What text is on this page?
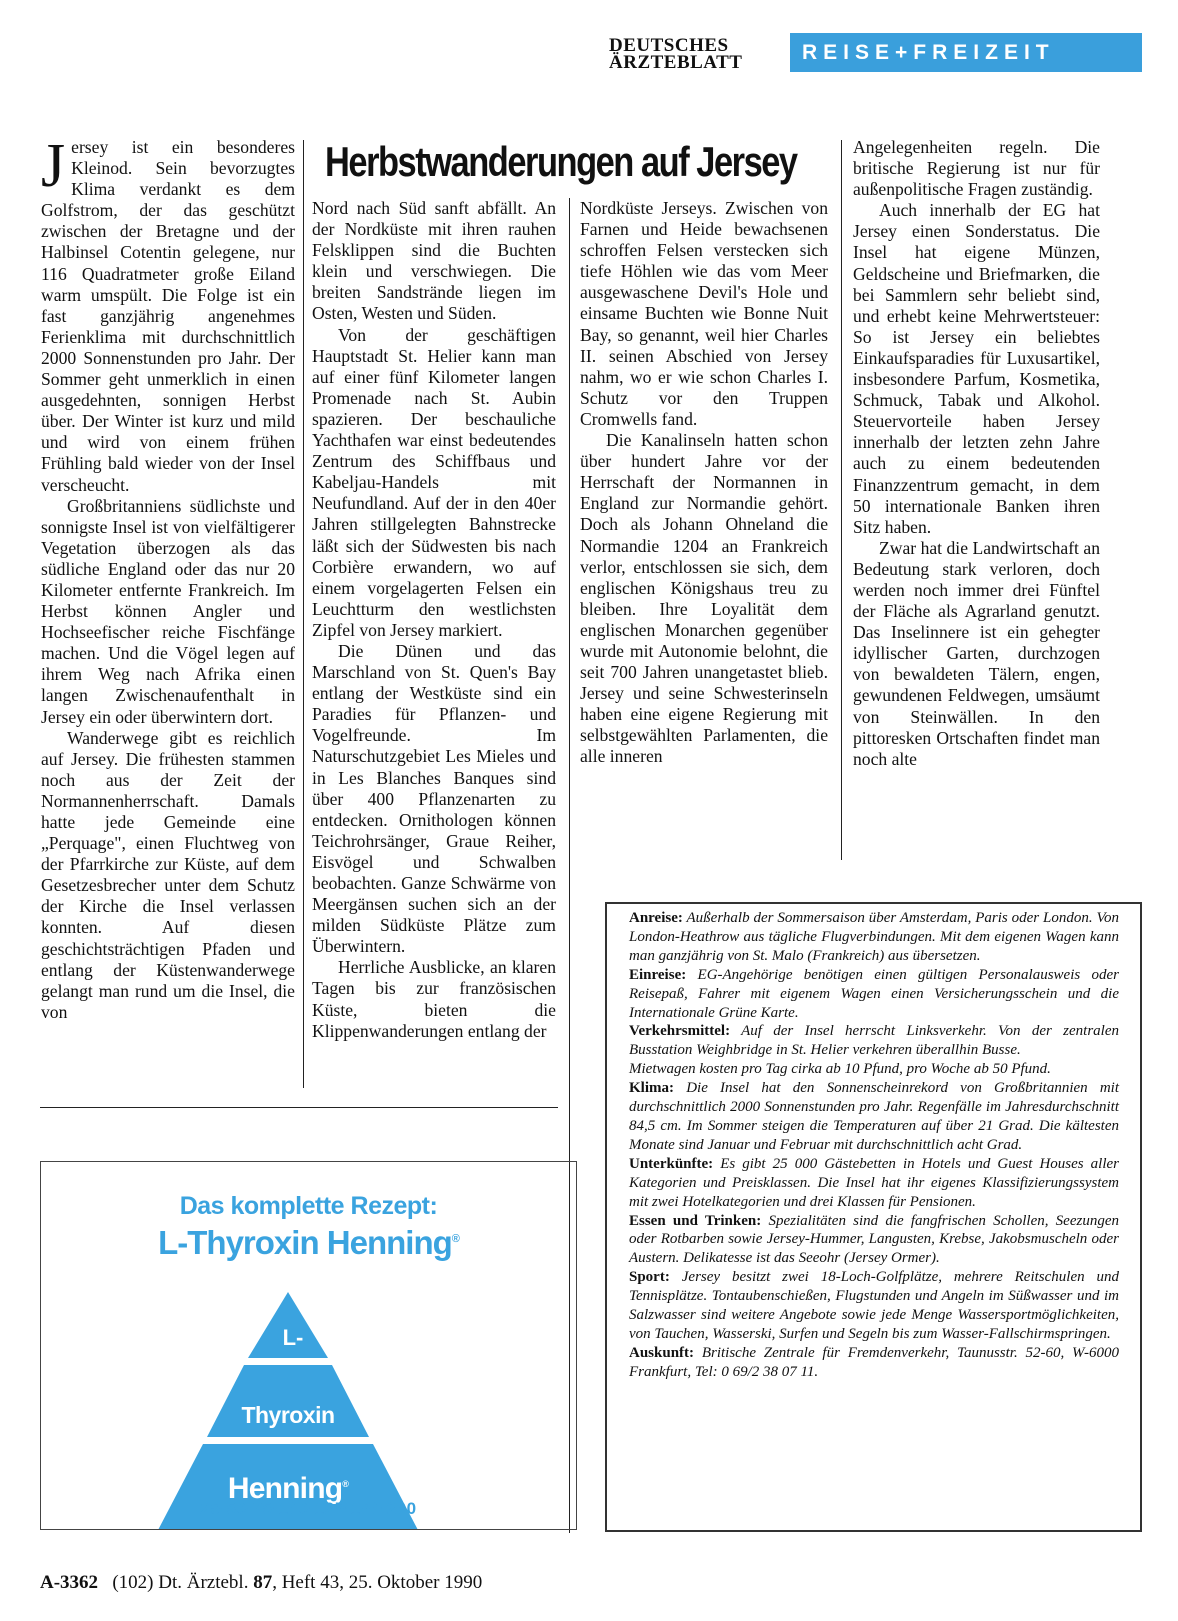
DEUTSCHES
ÄRZTEBLATT	REISE+FREIZEIT
Herbstwanderungen auf Jersey

Jersey ist ein besonderes Kleinod. Sein bevorzugtes Klima verdankt es dem Golfstrom, der das geschützt zwischen der Bretagne und der Halbinsel Cotentin gelegene, nur 116 Quadratmeter große Eiland warm umspült. Die Folge ist ein fast ganzjährig angenehmes Ferienklima mit durchschnittlich 2000 Sonnenstunden pro Jahr. Der Sommer geht unmerklich in einen ausgedehnten, sonnigen Herbst über. Der Winter ist kurz und mild und wird von einem frühen Frühling bald wieder von der Insel verscheucht.

Großbritanniens südlichste und sonnigste Insel ist von vielfältigerer Vegetation überzogen als das südliche England oder das nur 20 Kilometer entfernte Frankreich. Im Herbst können Angler und Hochseefischer reiche Fischfänge machen. Und die Vögel legen auf ihrem Weg nach Afrika einen langen Zwischenaufenthalt in Jersey ein oder überwintern dort.

Wanderwege gibt es reichlich auf Jersey. Die frühesten stammen noch aus der Zeit der Normannenherrschaft. Damals hatte jede Gemeinde eine „Perquage", einen Fluchtweg von der Pfarrkirche zur Küste, auf dem Gesetzesbrecher unter dem Schutz der Kirche die Insel verlassen konnten. Auf diesen geschichtsträchtigen Pfaden und entlang der Küstenwanderwege gelangt man rund um die Insel, die von

Nord nach Süd sanft abfällt. An der Nordküste mit ihren rauhen Felsklippen sind die Buchten klein und verschwiegen. Die breiten Sandstrände liegen im Osten, Westen und Süden.

Von der geschäftigen Hauptstadt St. Helier kann man auf einer fünf Kilometer langen Promenade nach St. Aubin spazieren. Der beschauliche Yachthafen war einst bedeutendes Zentrum des Schiffbaus und Kabeljau-Handels mit Neufundland. Auf der in den 40er Jahren stillgelegten Bahnstrecke läßt sich der Südwesten bis nach Corbière erwandern, wo auf einem vorgelagerten Felsen ein Leuchtturm den westlichsten Zipfel von Jersey markiert.

Die Dünen und das Marschland von St. Quen's Bay entlang der Westküste sind ein Paradies für Pflanzen- und Vogelfreunde. Im Naturschutzgebiet Les Mieles und in Les Blanches Banques sind über 400 Pflanzenarten zu entdecken. Ornithologen können Teichrohrsänger, Graue Reiher, Eisvögel und Schwalben beobachten. Ganze Schwärme von Meergänsen suchen sich an der milden Südküste Plätze zum Überwintern.

Herrliche Ausblicke, an klaren Tagen bis zur französischen Küste, bieten die Klippenwanderungen entlang der

Nordküste Jerseys. Zwischen von Farnen und Heide bewachsenen schroffen Felsen verstecken sich tiefe Höhlen wie das vom Meer ausgewaschene Devil's Hole und einsame Buchten wie Bonne Nuit Bay, so genannt, weil hier Charles II. seinen Abschied von Jersey nahm, wo er wie schon Charles I. Schutz vor den Truppen Cromwells fand.

Die Kanalinseln hatten schon über hundert Jahre vor der Herrschaft der Normannen in England zur Normandie gehört. Doch als Johann Ohneland die Normandie 1204 an Frankreich verlor, entschlossen sie sich, dem englischen Königshaus treu zu bleiben. Ihre Loyalität dem englischen Monarchen gegenüber wurde mit Autonomie belohnt, die seit 700 Jahren unangetastet blieb. Jersey und seine Schwesterinseln haben eine eigene Regierung mit selbstgewählten Parlamenten, die alle inneren

Angelegenheiten regeln. Die britische Regierung ist nur für außenpolitische Fragen zuständig.

Auch innerhalb der EG hat Jersey einen Sonderstatus. Die Insel hat eigene Münzen, Geldscheine und Briefmarken, die bei Sammlern sehr beliebt sind, und erhebt keine Mehrwertsteuer: So ist Jersey ein beliebtes Einkaufsparadies für Luxusartikel, insbesondere Parfum, Kosmetika, Schmuck, Tabak und Alkohol. Steuervorteile haben Jersey innerhalb der letzten zehn Jahre auch zu einem bedeutenden Finanzzentrum gemacht, in dem 50 internationale Banken ihren Sitz haben.

Zwar hat die Landwirtschaft an Bedeutung stark verloren, doch werden noch immer drei Fünftel der Fläche als Agrarland genutzt. Das Inselinnere ist ein gehegter idyllischer Garten, durchzogen von bewaldeten Tälern, engen, gewundenen Feldwegen, umsäumt von Steinwällen. In den pittoresken Ortschaften findet man noch alte

Das komplette Rezept:
L-Thyroxin Henning®
L-
Thyroxin
Henning®
25·50·75·100·125·150·200

Anreise: Außerhalb der Sommersaison über Amsterdam, Paris oder London. Von London-Heathrow aus tägliche Flugverbindungen. Mit dem eigenen Wagen kann man ganzjährig von St. Malo (Frankreich) aus übersetzen.

Einreise: EG-Angehörige benötigen einen gültigen Personalausweis oder Reisepaß, Fahrer mit eigenem Wagen einen Versicherungsschein und die Internationale Grüne Karte.

Verkehrsmittel: Auf der Insel herrscht Linksverkehr. Von der zentralen Busstation Weighbridge in St. Helier verkehren überallhin Busse.

Mietwagen kosten pro Tag cirka ab 10 Pfund, pro Woche ab 50 Pfund.

Klima: Die Insel hat den Sonnenscheinrekord von Großbritannien mit durchschnittlich 2000 Sonnenstunden pro Jahr. Regenfälle im Jahresdurchschnitt 84,5 cm. Im Sommer steigen die Temperaturen auf über 21 Grad. Die kältesten Monate sind Januar und Februar mit durchschnittlich acht Grad.

Unterkünfte: Es gibt 25 000 Gästebetten in Hotels und Guest Houses aller Kategorien und Preisklassen. Die Insel hat ihr eigenes Klassifizierungssystem mit zwei Hotelkategorien und drei Klassen für Pensionen.

Essen und Trinken: Spezialitäten sind die fangfrischen Schollen, Seezungen oder Rotbarben sowie Jersey-Hummer, Langusten, Krebse, Jakobsmuscheln oder Austern. Delikatesse ist das Seeohr (Jersey Ormer).

Sport: Jersey besitzt zwei 18-Loch-Golfplätze, mehrere Reitschulen und Tennisplätze. Tontaubenschießen, Flugstunden und Angeln im Süßwasser und im Salzwasser sind weitere Angebote sowie jede Menge Wassersportmöglichkeiten, von Tauchen, Wasserski, Surfen und Segeln bis zum Wasser-Fallschirmspringen.

Auskunft: Britische Zentrale für Fremdenverkehr, Taunusstr. 52-60, W-6000 Frankfurt, Tel: 0 69/2 38 07 11.

A-3362 (102) Dt. Ärztebl. 87, Heft 43, 25. Oktober 1990
